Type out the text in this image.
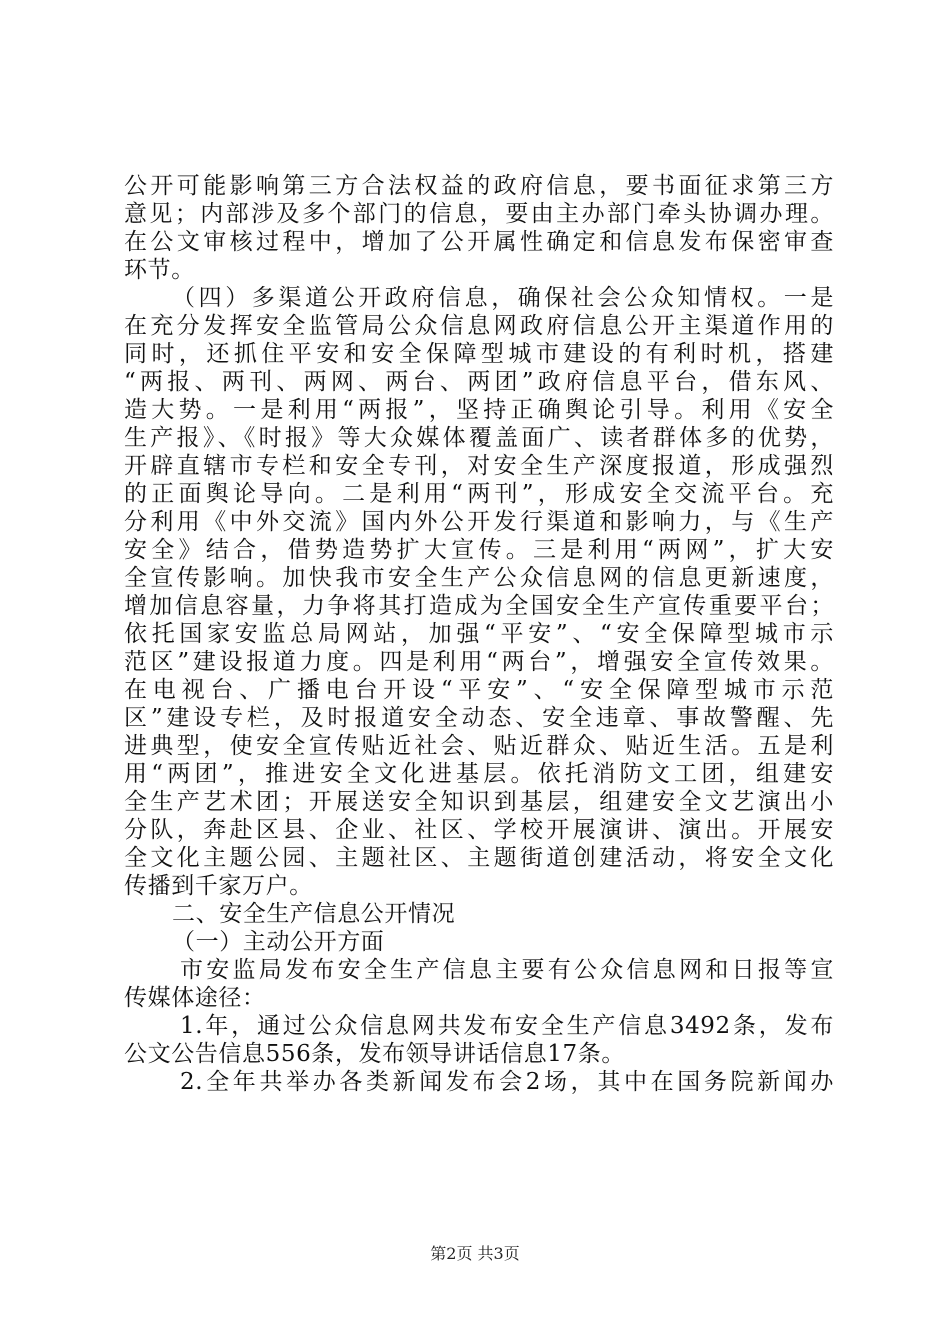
公开可能影响第三方合法权益的政府信息，要书面征求第三方
意见；内部涉及多个部门的信息，要由主办部门牵头协调办理。
在公文审核过程中，增加了公开属性确定和信息发布保密审查
环节。
（四）多渠道公开政府信息，确保社会公众知情权。一是
在充分发挥安全监管局公众信息网政府信息公开主渠道作用的
同时，还抓住平安和安全保障型城市建设的有利时机，搭建
“两报、两刊、两网、两台、两团”政府信息平台，借东风、
造大势。一是利用“两报”，坚持正确舆论引导。利用《安全
生产报》、《时报》等大众媒体覆盖面广、读者群体多的优势，
开辟直辖市专栏和安全专刊，对安全生产深度报道，形成强烈
的正面舆论导向。二是利用“两刊”，形成安全交流平台。充
分利用《中外交流》国内外公开发行渠道和影响力，与《生产
安全》结合，借势造势扩大宣传。三是利用“两网”，扩大安
全宣传影响。加快我市安全生产公众信息网的信息更新速度，
增加信息容量，力争将其打造成为全国安全生产宣传重要平台；
依托国家安监总局网站，加强“平安”、“安全保障型城市示
范区”建设报道力度。四是利用“两台”，增强安全宣传效果。
在电视台、广播电台开设“平安”、“安全保障型城市示范
区”建设专栏，及时报道安全动态、安全违章、事故警醒、先
进典型，使安全宣传贴近社会、贴近群众、贴近生活。五是利
用“两团”，推进安全文化进基层。依托消防文工团，组建安
全生产艺术团；开展送安全知识到基层，组建安全文艺演出小
分队，奔赴区县、企业、社区、学校开展演讲、演出。开展安
全文化主题公园、主题社区、主题街道创建活动，将安全文化
传播到千家万户。
二、安全生产信息公开情况
（一）主动公开方面
市安监局发布安全生产信息主要有公众信息网和日报等宣
传媒体途径：
1.年，通过公众信息网共发布安全生产信息3492条，发布
公文公告信息556条，发布领导讲话信息17条。
2.全年共举办各类新闻发布会2场，其中在国务院新闻办
第2页 共3页
